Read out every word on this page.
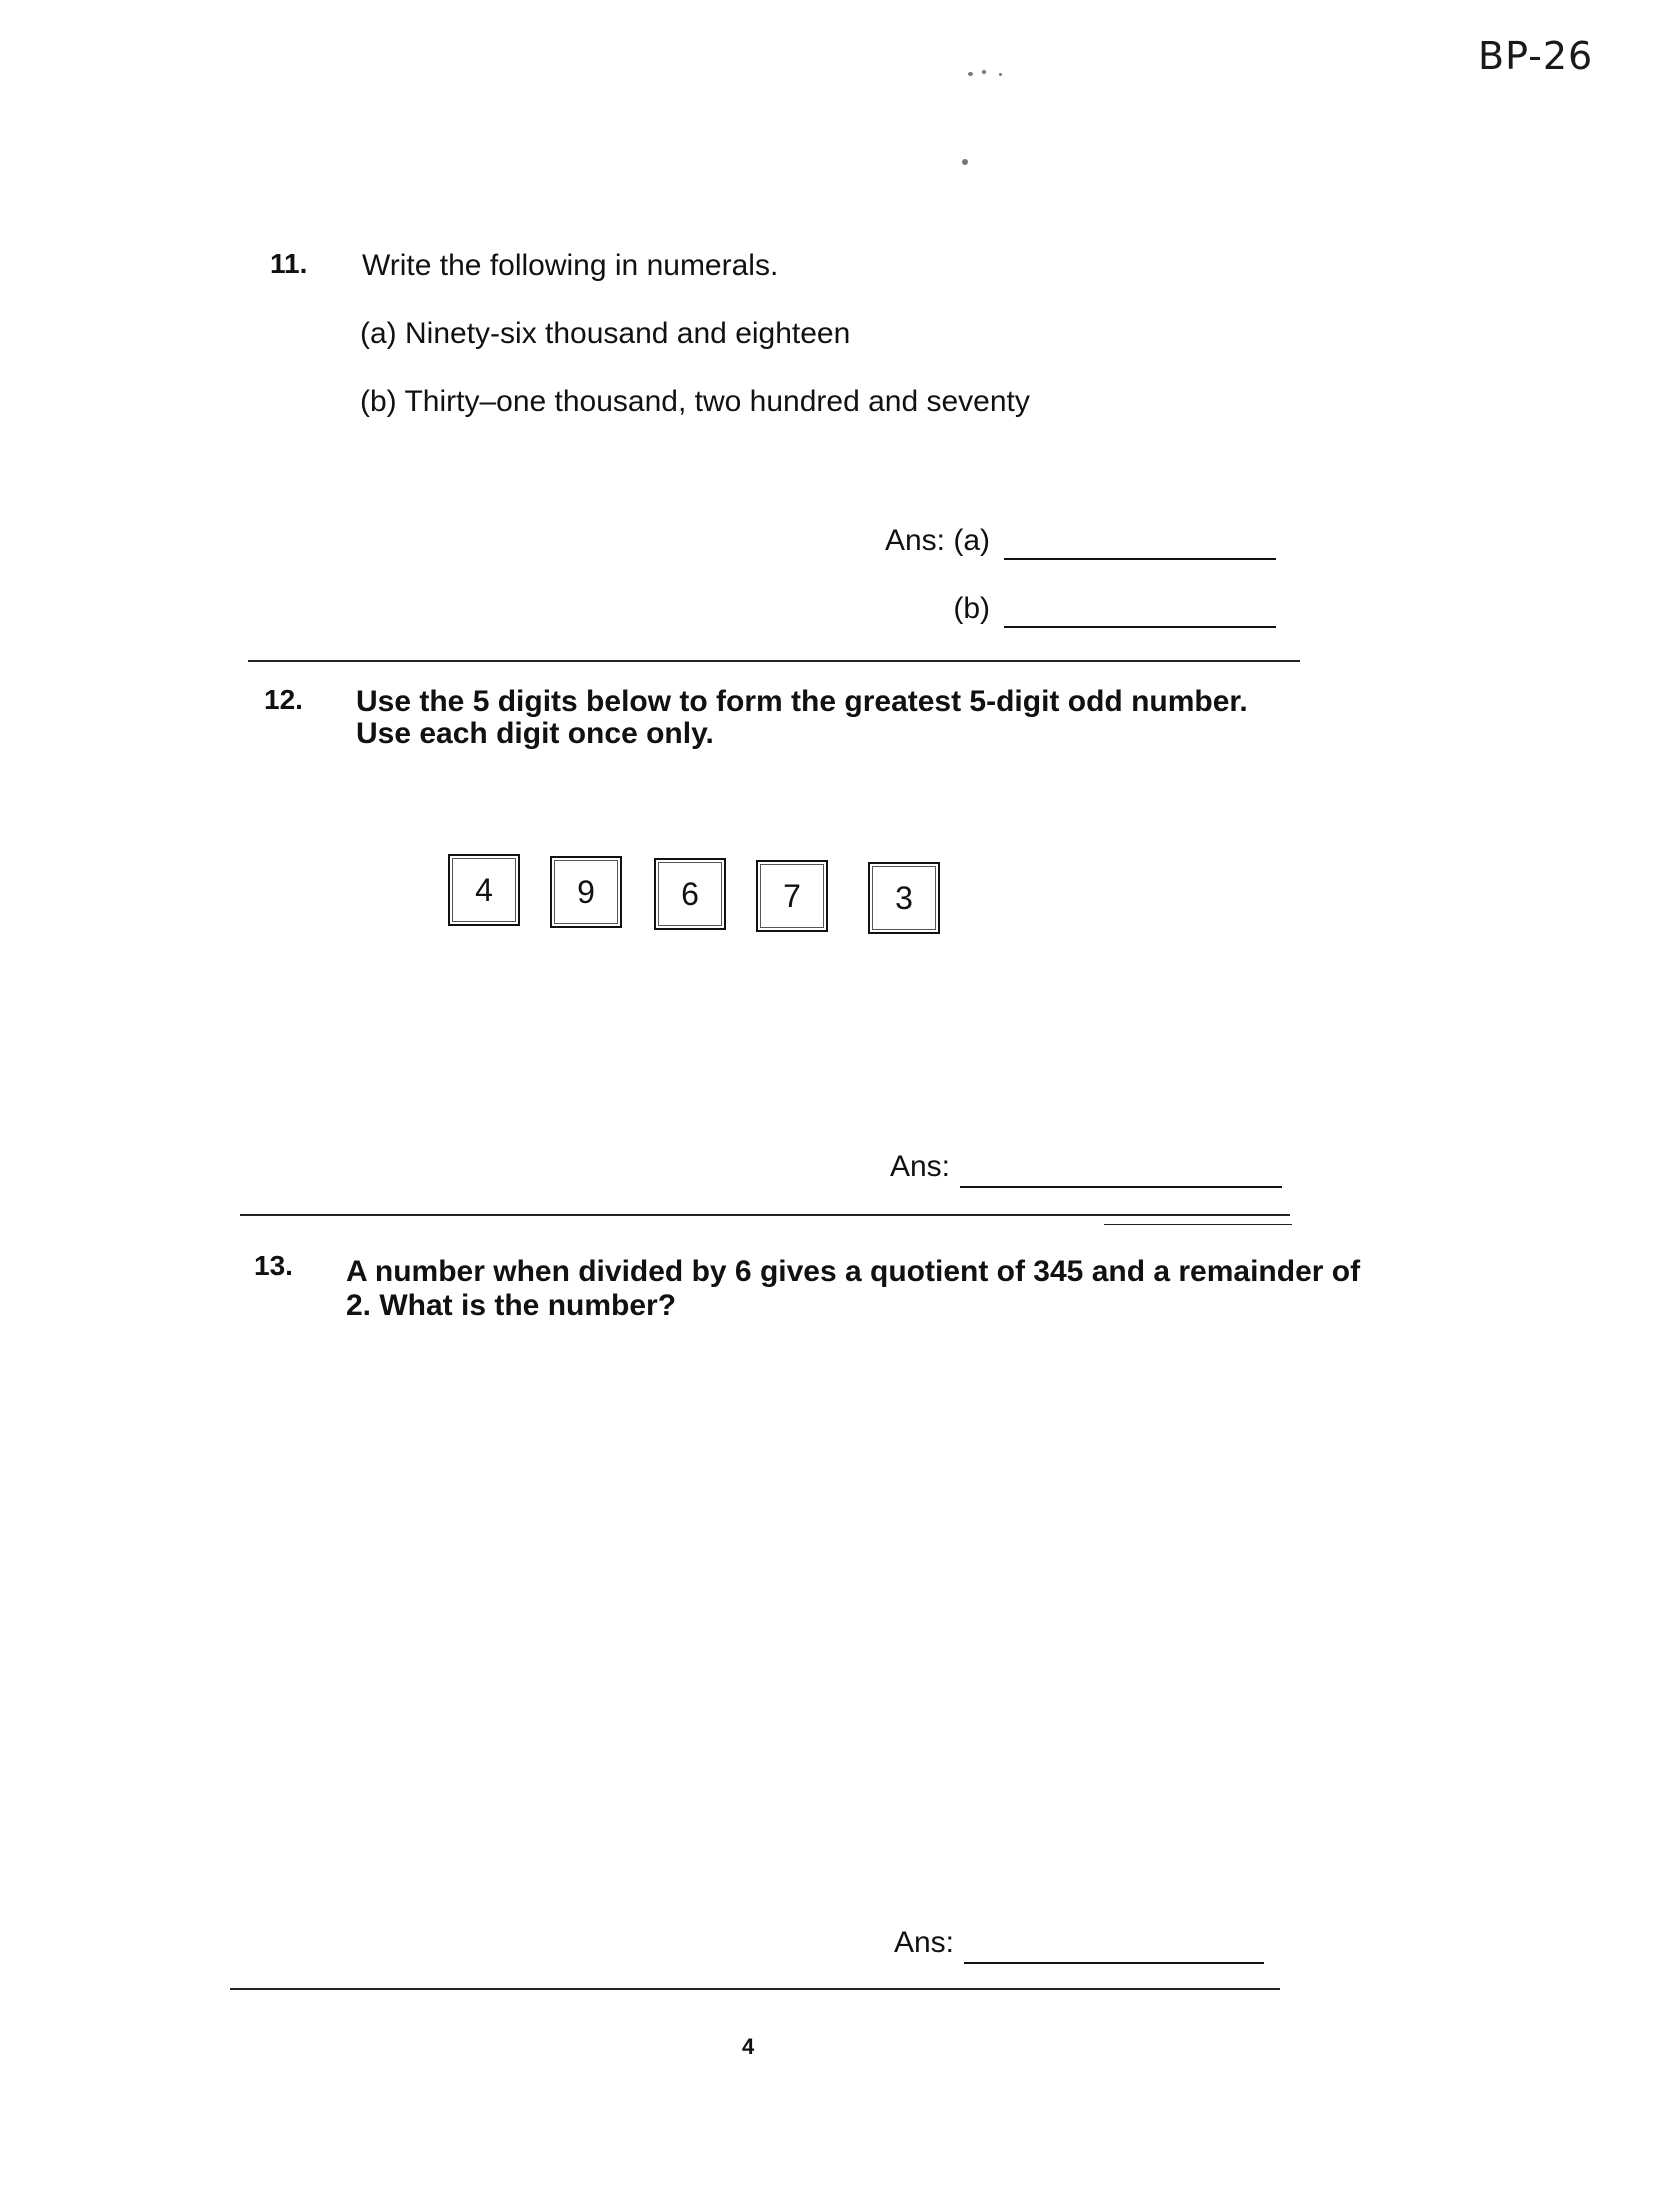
BP-26
11. Write the following in numerals.
(a) Ninety-six thousand and eighteen
(b) Thirty–one thousand, two hundred and seventy
Ans: (a)
(b)
12. Use the 5 digits below to form the greatest 5-digit odd number.
Use each digit once only.
4	9	6	7	3
Ans:
13. A number when divided by 6 gives a quotient of 345 and a remainder of
2. What is the number?
Ans:
4
